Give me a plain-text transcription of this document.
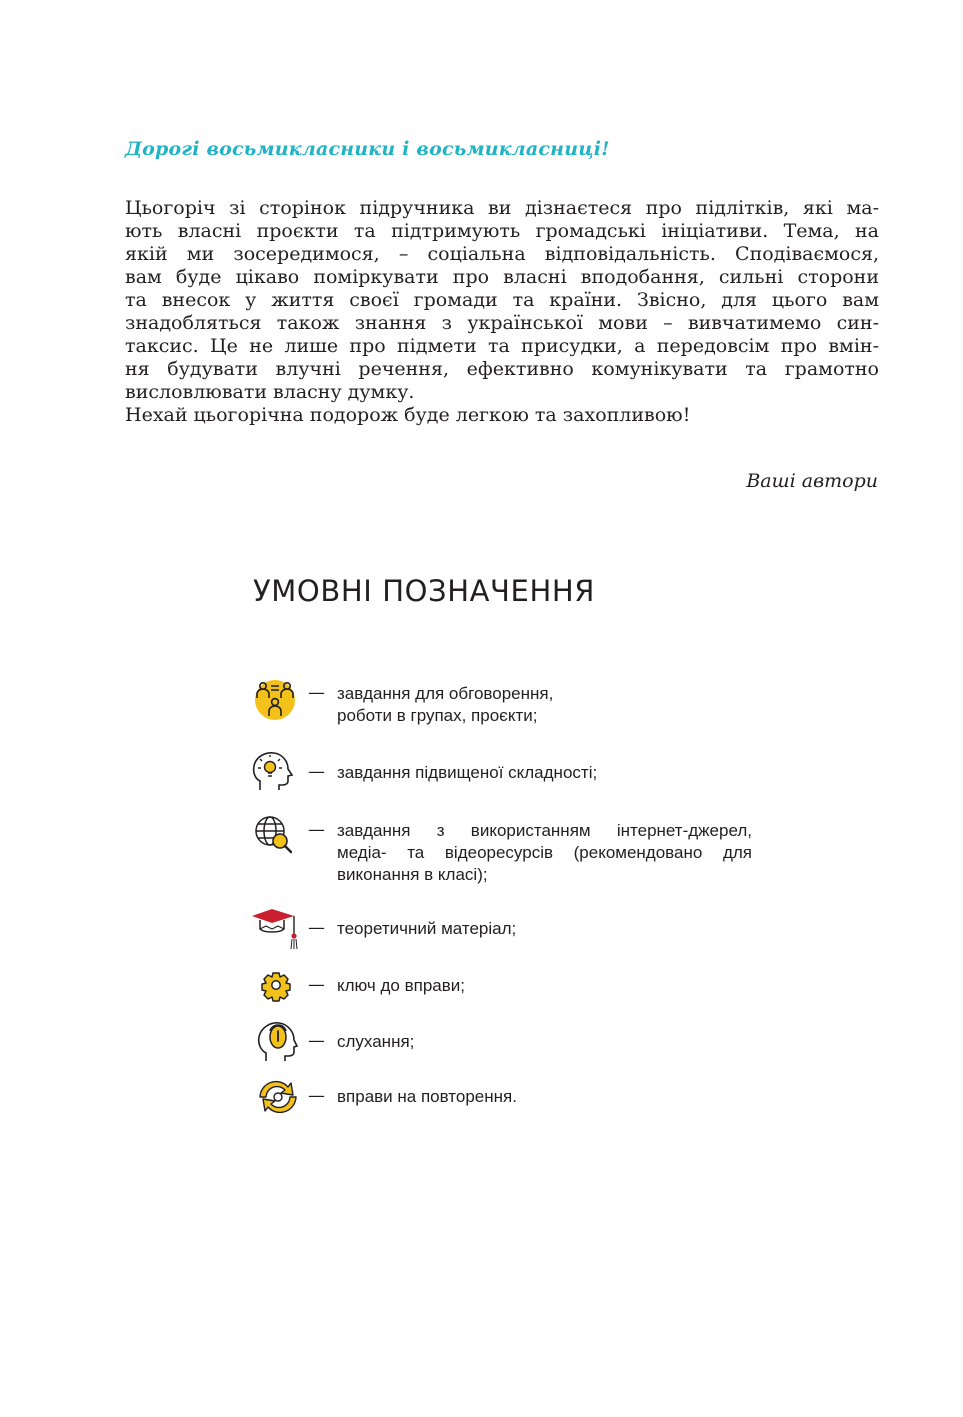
Дорогі восьмикласники і восьмикласниці!
Цьогоріч зі сторінок підручника ви дізнаєтеся про підлітків, які ма-
ють власні проєкти та підтримують громадські ініціативи. Тема, на
якій ми зосередимося, – соціальна відповідальність. Сподіваємося,
вам буде цікаво поміркувати про власні вподобання, сильні сторони
та внесок у життя своєї громади та країни. Звісно, для цього вам
знадобляться також знання з української мови – вивчатимемо син-
таксис. Це не лише про підмети та присудки, а передовсім про вмін-
ня будувати влучні речення, ефективно комунікувати та грамотно
висловлювати власну думку.
Нехай цьогорічна подорож буде легкою та захопливою!
Ваші автори
УМОВНІ ПОЗНАЧЕННЯ
— завдання для обговорення,
роботи в групах, проєкти;
— завдання підвищеної складності;
— завдання з використанням інтернет-джерел,
медіа- та відеоресурсів (рекомендовано для
виконання в класі);
— теоретичний матеріал;
— ключ до вправи;
— слухання;
— вправи на повторення.
